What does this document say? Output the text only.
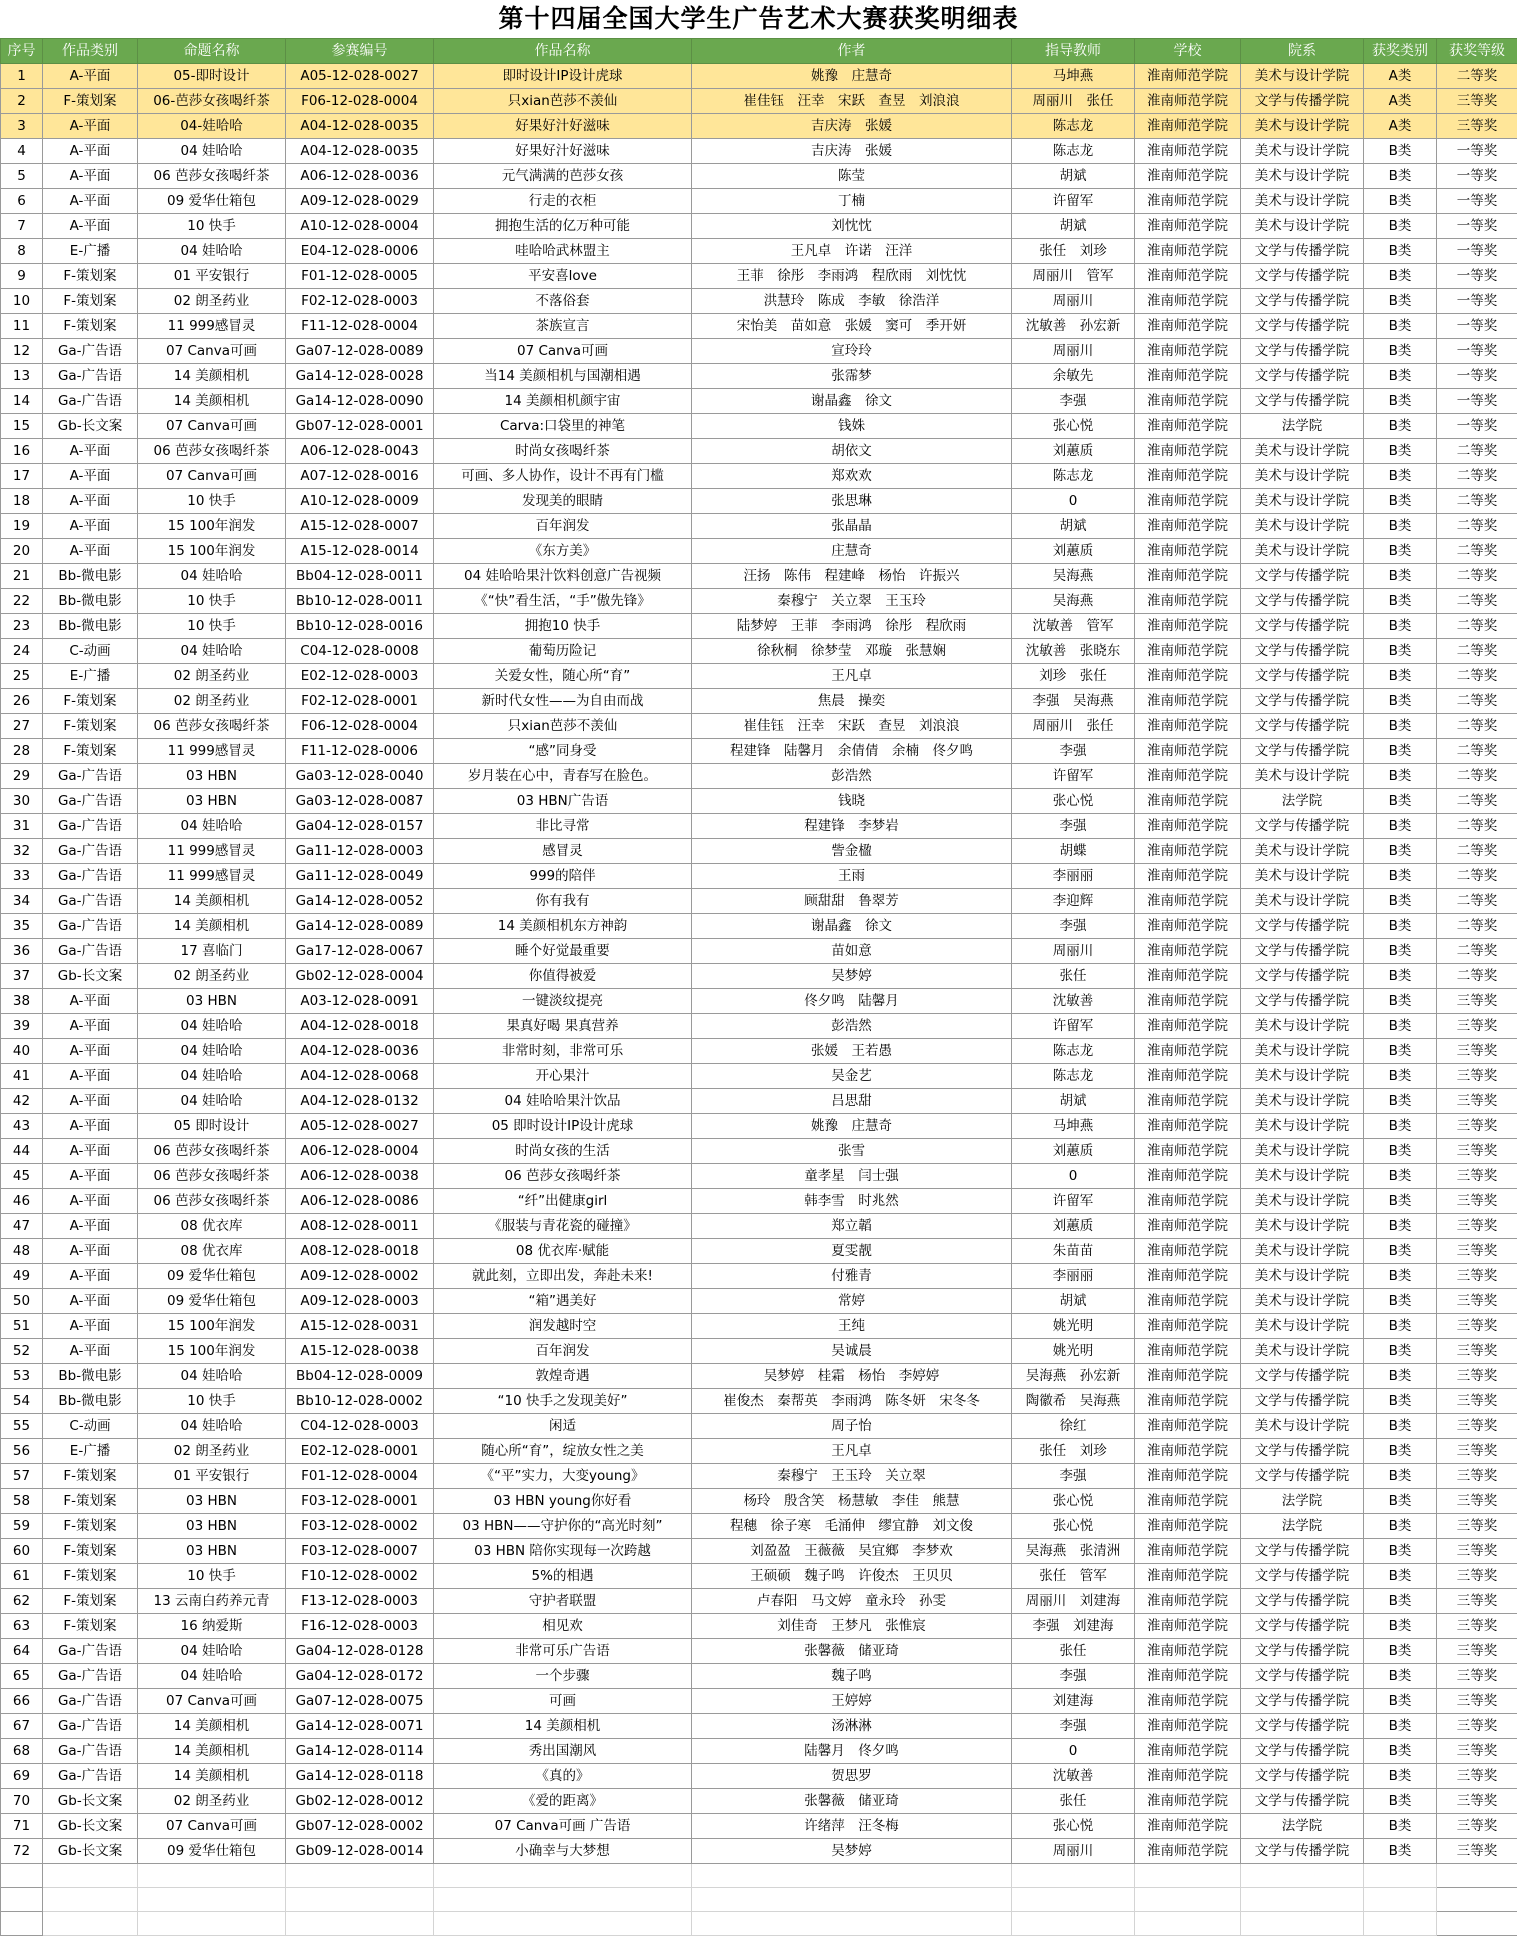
第十四届全国大学生广告艺术大赛获奖明细表
序号	作品类别	命题名称	参赛编号	作品名称	作者	指导教师	学校	院系	获奖类别	获奖等级
1	A-平面	05-即时设计	A05-12-028-0027	即时设计IP设计虎球	姚豫　庄慧奇	马坤燕	淮南师范学院	美术与设计学院	A类	二等奖
2	F-策划案	06-芭莎女孩喝纤茶	F06-12-028-0004	只xian芭莎不羡仙	崔佳钰　汪幸　宋跃　查昱　刘浪浪	周丽川　张任	淮南师范学院	文学与传播学院	A类	三等奖
3	A-平面	04-娃哈哈	A04-12-028-0035	好果好汁好滋味	吉庆涛　张媛	陈志龙	淮南师范学院	美术与设计学院	A类	三等奖
4	A-平面	04 娃哈哈	A04-12-028-0035	好果好汁好滋味	吉庆涛　张媛	陈志龙	淮南师范学院	美术与设计学院	B类	一等奖
5	A-平面	06 芭莎女孩喝纤茶	A06-12-028-0036	元气满满的芭莎女孩	陈莹	胡斌	淮南师范学院	美术与设计学院	B类	一等奖
6	A-平面	09 爱华仕箱包	A09-12-028-0029	行走的衣柜	丁楠	许留军	淮南师范学院	美术与设计学院	B类	一等奖
7	A-平面	10 快手	A10-12-028-0004	拥抱生活的亿万种可能	刘忱忱	胡斌	淮南师范学院	美术与设计学院	B类	一等奖
8	E-广播	04 娃哈哈	E04-12-028-0006	哇哈哈武林盟主	王凡卓　许诺　汪洋	张任　刘珍	淮南师范学院	文学与传播学院	B类	一等奖
9	F-策划案	01 平安银行	F01-12-028-0005	平安喜love	王菲　徐彤　李雨鸿　程欣雨　刘忱忱	周丽川　管军	淮南师范学院	文学与传播学院	B类	一等奖
10	F-策划案	02 朗圣药业	F02-12-028-0003	不落俗套	洪慧玲　陈成　李敏　徐浩洋	周丽川	淮南师范学院	文学与传播学院	B类	一等奖
11	F-策划案	11 999感冒灵	F11-12-028-0004	茶族宣言	宋怡美　苗如意　张媛　窦可　季开妍	沈敏善　孙宏新	淮南师范学院	文学与传播学院	B类	一等奖
12	Ga-广告语	07 Canva可画	Ga07-12-028-0089	07 Canva可画	宣玲玲	周丽川	淮南师范学院	文学与传播学院	B类	一等奖
13	Ga-广告语	14 美颜相机	Ga14-12-028-0028	当14 美颜相机与国潮相遇	张霈梦	余敏先	淮南师范学院	文学与传播学院	B类	一等奖
14	Ga-广告语	14 美颜相机	Ga14-12-028-0090	14 美颜相机颜宇宙	谢晶鑫　徐文	李强	淮南师范学院	文学与传播学院	B类	一等奖
15	Gb-长文案	07 Canva可画	Gb07-12-028-0001	Carva:口袋里的神笔	钱姝	张心悦	淮南师范学院	法学院	B类	一等奖
16	A-平面	06 芭莎女孩喝纤茶	A06-12-028-0043	时尚女孩喝纤茶	胡依文	刘蕙质	淮南师范学院	美术与设计学院	B类	二等奖
17	A-平面	07 Canva可画	A07-12-028-0016	可画、多人协作，设计不再有门槛	郑欢欢	陈志龙	淮南师范学院	美术与设计学院	B类	二等奖
18	A-平面	10 快手	A10-12-028-0009	发现美的眼睛	张思琳	0	淮南师范学院	美术与设计学院	B类	二等奖
19	A-平面	15 100年润发	A15-12-028-0007	百年润发	张晶晶	胡斌	淮南师范学院	美术与设计学院	B类	二等奖
20	A-平面	15 100年润发	A15-12-028-0014	《东方美》	庄慧奇	刘蕙质	淮南师范学院	美术与设计学院	B类	二等奖
21	Bb-微电影	04 娃哈哈	Bb04-12-028-0011	04 娃哈哈果汁饮料创意广告视频	汪扬　陈伟　程建峰　杨怡　许振兴	吴海燕	淮南师范学院	文学与传播学院	B类	二等奖
22	Bb-微电影	10 快手	Bb10-12-028-0011	《“快”看生活，“手”傲先锋》	秦穆宁　关立翠　王玉玲	吴海燕	淮南师范学院	文学与传播学院	B类	二等奖
23	Bb-微电影	10 快手	Bb10-12-028-0016	拥抱10 快手	陆梦婷　王菲　李雨鸿　徐彤　程欣雨	沈敏善　管军	淮南师范学院	文学与传播学院	B类	二等奖
24	C-动画	04 娃哈哈	C04-12-028-0008	葡萄历险记	徐秋桐　徐梦莹　邓璇　张慧娴	沈敏善　张晓东	淮南师范学院	文学与传播学院	B类	二等奖
25	E-广播	02 朗圣药业	E02-12-028-0003	关爱女性，随心所“育”	王凡卓	刘珍　张任	淮南师范学院	文学与传播学院	B类	二等奖
26	F-策划案	02 朗圣药业	F02-12-028-0001	新时代女性——为自由而战	焦晨　操奕	李强　吴海燕	淮南师范学院	文学与传播学院	B类	二等奖
27	F-策划案	06 芭莎女孩喝纤茶	F06-12-028-0004	只xian芭莎不羡仙	崔佳钰　汪幸　宋跃　查昱　刘浪浪	周丽川　张任	淮南师范学院	文学与传播学院	B类	二等奖
28	F-策划案	11 999感冒灵	F11-12-028-0006	“感”同身受	程建锋　陆馨月　余倩倩　余楠　佟夕鸣	李强	淮南师范学院	文学与传播学院	B类	二等奖
29	Ga-广告语	03 HBN	Ga03-12-028-0040	岁月装在心中，青春写在脸色。	彭浩然	许留军	淮南师范学院	美术与设计学院	B类	二等奖
30	Ga-广告语	03 HBN	Ga03-12-028-0087	03 HBN广告语	钱晓	张心悦	淮南师范学院	法学院	B类	二等奖
31	Ga-广告语	04 娃哈哈	Ga04-12-028-0157	非比寻常	程建锋　李梦岩	李强	淮南师范学院	文学与传播学院	B类	二等奖
32	Ga-广告语	11 999感冒灵	Ga11-12-028-0003	感冒灵	訾金楹	胡蝶	淮南师范学院	美术与设计学院	B类	二等奖
33	Ga-广告语	11 999感冒灵	Ga11-12-028-0049	999的陪伴	王雨	李丽丽	淮南师范学院	美术与设计学院	B类	二等奖
34	Ga-广告语	14 美颜相机	Ga14-12-028-0052	你有我有	顾甜甜　鲁翠芳	李迎辉	淮南师范学院	美术与设计学院	B类	二等奖
35	Ga-广告语	14 美颜相机	Ga14-12-028-0089	14 美颜相机东方神韵	谢晶鑫　徐文	李强	淮南师范学院	文学与传播学院	B类	二等奖
36	Ga-广告语	17 喜临门	Ga17-12-028-0067	睡个好觉最重要	苗如意	周丽川	淮南师范学院	文学与传播学院	B类	二等奖
37	Gb-长文案	02 朗圣药业	Gb02-12-028-0004	你值得被爱	吴梦婷	张任	淮南师范学院	文学与传播学院	B类	二等奖
38	A-平面	03 HBN	A03-12-028-0091	一键淡纹提亮	佟夕鸣　陆馨月	沈敏善	淮南师范学院	文学与传播学院	B类	三等奖
39	A-平面	04 娃哈哈	A04-12-028-0018	果真好喝 果真营养	彭浩然	许留军	淮南师范学院	美术与设计学院	B类	三等奖
40	A-平面	04 娃哈哈	A04-12-028-0036	非常时刻，非常可乐	张媛　王若愚	陈志龙	淮南师范学院	美术与设计学院	B类	三等奖
41	A-平面	04 娃哈哈	A04-12-028-0068	开心果汁	吴金艺	陈志龙	淮南师范学院	美术与设计学院	B类	三等奖
42	A-平面	04 娃哈哈	A04-12-028-0132	04 娃哈哈果汁饮品	吕思甜	胡斌	淮南师范学院	美术与设计学院	B类	三等奖
43	A-平面	05 即时设计	A05-12-028-0027	05 即时设计IP设计虎球	姚豫　庄慧奇	马坤燕	淮南师范学院	美术与设计学院	B类	三等奖
44	A-平面	06 芭莎女孩喝纤茶	A06-12-028-0004	时尚女孩的生活	张雪	刘蕙质	淮南师范学院	美术与设计学院	B类	三等奖
45	A-平面	06 芭莎女孩喝纤茶	A06-12-028-0038	06 芭莎女孩喝纤茶	童孝星　闫士强	0	淮南师范学院	美术与设计学院	B类	三等奖
46	A-平面	06 芭莎女孩喝纤茶	A06-12-028-0086	“纤”出健康girl	韩李雪　时兆然	许留军	淮南师范学院	美术与设计学院	B类	三等奖
47	A-平面	08 优衣库	A08-12-028-0011	《服装与青花瓷的碰撞》	郑立韜	刘蕙质	淮南师范学院	美术与设计学院	B类	三等奖
48	A-平面	08 优衣库	A08-12-028-0018	08 优衣库·赋能	夏雯靓	朱苗苗	淮南师范学院	美术与设计学院	B类	三等奖
49	A-平面	09 爱华仕箱包	A09-12-028-0002	就此刻，立即出发，奔赴未来!	付雅青	李丽丽	淮南师范学院	美术与设计学院	B类	三等奖
50	A-平面	09 爱华仕箱包	A09-12-028-0003	“箱”遇美好	常婷	胡斌	淮南师范学院	美术与设计学院	B类	三等奖
51	A-平面	15 100年润发	A15-12-028-0031	润发越时空	王纯	姚光明	淮南师范学院	美术与设计学院	B类	三等奖
52	A-平面	15 100年润发	A15-12-028-0038	百年润发	吴诚晨	姚光明	淮南师范学院	美术与设计学院	B类	三等奖
53	Bb-微电影	04 娃哈哈	Bb04-12-028-0009	敦煌奇遇	吴梦婷　桂霜　杨怡　李婷婷	吴海燕　孙宏新	淮南师范学院	文学与传播学院	B类	三等奖
54	Bb-微电影	10 快手	Bb10-12-028-0002	“10 快手之发现美好”	崔俊杰　秦帮英　李雨鸿　陈冬妍　宋冬冬	陶徽希　吴海燕	淮南师范学院	文学与传播学院	B类	三等奖
55	C-动画	04 娃哈哈	C04-12-028-0003	闲适	周子怡	徐红	淮南师范学院	美术与设计学院	B类	三等奖
56	E-广播	02 朗圣药业	E02-12-028-0001	随心所“育”，绽放女性之美	王凡卓	张任　刘珍	淮南师范学院	文学与传播学院	B类	三等奖
57	F-策划案	01 平安银行	F01-12-028-0004	《“平”实力，大变young》	秦穆宁　王玉玲　关立翠	李强	淮南师范学院	文学与传播学院	B类	三等奖
58	F-策划案	03 HBN	F03-12-028-0001	03 HBN young你好看	杨玲　殷含笑　杨慧敏　李佳　熊慧	张心悦	淮南师范学院	法学院	B类	三等奖
59	F-策划案	03 HBN	F03-12-028-0002	03 HBN——守护你的“高光时刻”	程穗　徐子寒　毛涌伸　缪宜静　刘文俊	张心悦	淮南师范学院	法学院	B类	三等奖
60	F-策划案	03 HBN	F03-12-028-0007	03 HBN 陪你实现每一次跨越	刘盈盈　王薇薇　吴宜鄉　李梦欢	吴海燕　张清洲	淮南师范学院	文学与传播学院	B类	三等奖
61	F-策划案	10 快手	F10-12-028-0002	5%的相遇	王硕硕　魏子鸣　许俊杰　王贝贝	张任　管军	淮南师范学院	文学与传播学院	B类	三等奖
62	F-策划案	13 云南白药养元青	F13-12-028-0003	守护者联盟	卢春阳　马文婷　童永玲　孙雯	周丽川　刘建海	淮南师范学院	文学与传播学院	B类	三等奖
63	F-策划案	16 纳爱斯	F16-12-028-0003	相见欢	刘佳奇　王梦凡　张惟宸	李强　刘建海	淮南师范学院	文学与传播学院	B类	三等奖
64	Ga-广告语	04 娃哈哈	Ga04-12-028-0128	非常可乐广告语	张馨薇　储亚琦	张任	淮南师范学院	文学与传播学院	B类	三等奖
65	Ga-广告语	04 娃哈哈	Ga04-12-028-0172	一个步骤	魏子鸣	李强	淮南师范学院	文学与传播学院	B类	三等奖
66	Ga-广告语	07 Canva可画	Ga07-12-028-0075	可画	王婷婷	刘建海	淮南师范学院	文学与传播学院	B类	三等奖
67	Ga-广告语	14 美颜相机	Ga14-12-028-0071	14 美颜相机	汤淋淋	李强	淮南师范学院	文学与传播学院	B类	三等奖
68	Ga-广告语	14 美颜相机	Ga14-12-028-0114	秀出国潮风	陆馨月　佟夕鸣	0	淮南师范学院	文学与传播学院	B类	三等奖
69	Ga-广告语	14 美颜相机	Ga14-12-028-0118	《真的》	贺思罗	沈敏善	淮南师范学院	文学与传播学院	B类	三等奖
70	Gb-长文案	02 朗圣药业	Gb02-12-028-0012	《爱的距离》	张馨薇　储亚琦	张任	淮南师范学院	文学与传播学院	B类	三等奖
71	Gb-长文案	07 Canva可画	Gb07-12-028-0002	07 Canva可画 广告语	许绪萍　汪冬梅	张心悦	淮南师范学院	法学院	B类	三等奖
72	Gb-长文案	09 爱华仕箱包	Gb09-12-028-0014	小确幸与大梦想	吴梦婷	周丽川	淮南师范学院	文学与传播学院	B类	三等奖
